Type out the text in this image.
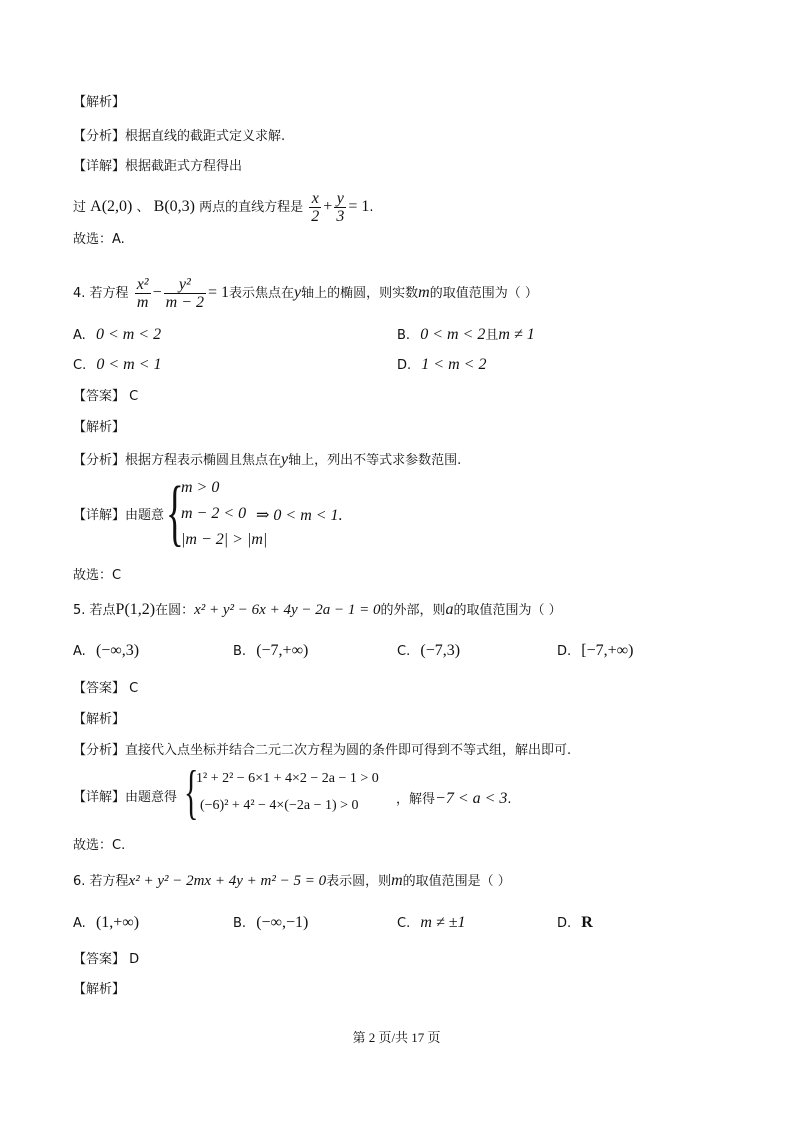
【解析】
【分析】根据直线的截距式定义求解.
【详解】根据截距式方程得出
过 A(2,0) 、 B(0,3) 两点的直线方程是 $\frac{x}{2} + \frac{y}{3} = 1$.
故选：A.
4. 若方程 $\frac{\text{x²}}{m} - \frac{\text{y²}}{m - 2} = 1$表示焦点在y轴上的椭圆，则实数m的取值范围为（ ）
A. 0 < m < 2	B. 0 < m < 2且m ≠ 1
C. 0 < m < 1	D. 1 < m < 2
【答案】 C
【解析】
【分析】根据方程表示椭圆且焦点在y轴上，列出不等式求参数范围.
【详解】由题意 {
m > 0
m − 2 < 0
|m − 2| > |m|
⇒ 0 < m < 1.
故选：C
5. 若点P(1,2)在圆：x² + y² − 6x + 4y − 2a − 1 = 0的外部，则a的取值范围为（ ）
A. (−∞,3)	B. (−7,+∞)	C. (−7,3)	D. [−7,+∞)
【答案】 C
【解析】
【分析】直接代入点坐标并结合二元二次方程为圆的条件即可得到不等式组，解出即可.
【详解】由题意得 {
1² + 2² − 6×1 + 4×2 − 2a − 1 > 0
(−6)² + 4² − 4×(−2a − 1) > 0	，解得−7 < a < 3.
故选：C.
6. 若方程x² + y² − 2mx + 4y + m² − 5 = 0表示圆，则m的取值范围是（ ）
A. (1,+∞)	B. (−∞,−1)	C. m ≠ ±1	D. R
【答案】 D
【解析】
第 2 页/共 17 页
